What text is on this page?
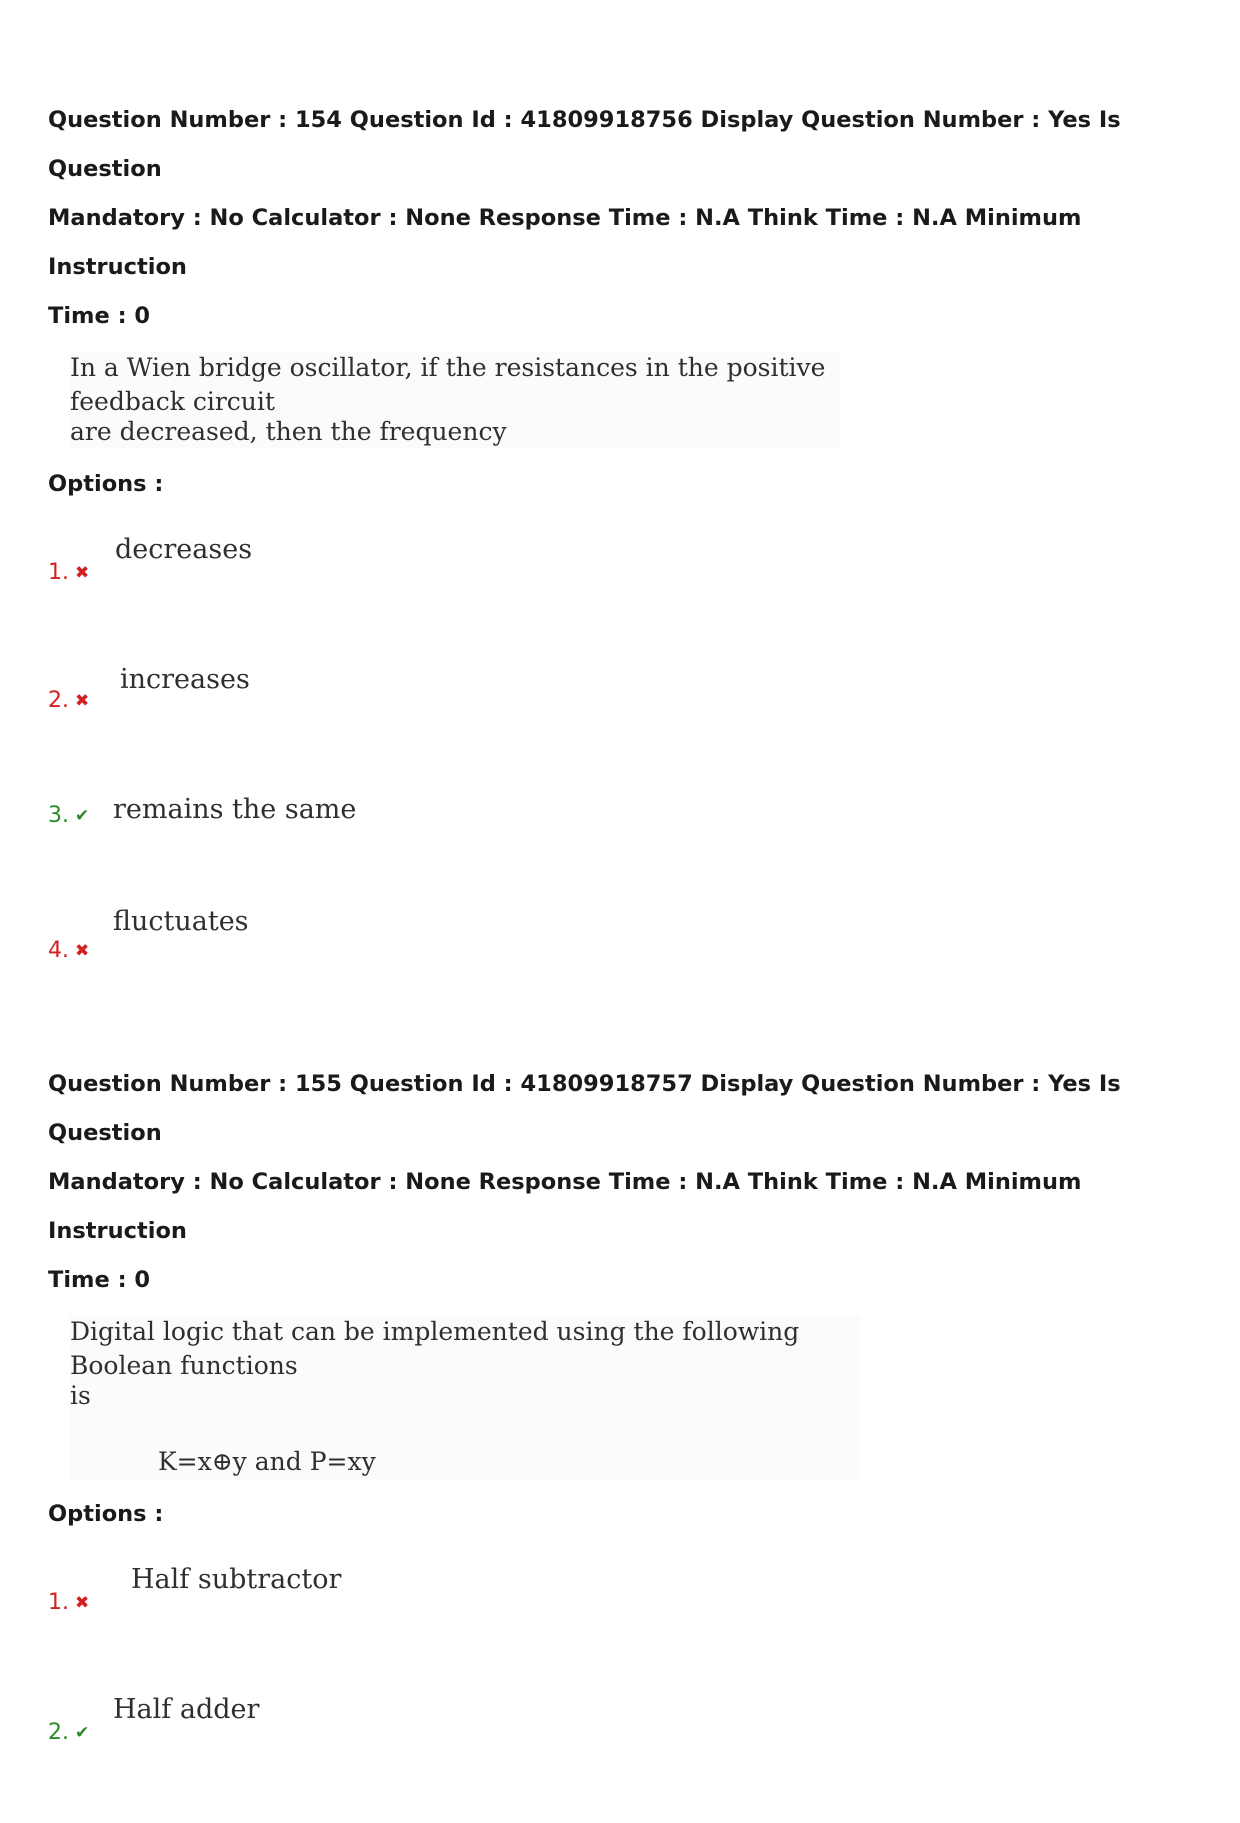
Question Number : 154 Question Id : 41809918756 Display Question Number : Yes Is Question
Mandatory : No Calculator : None Response Time : N.A Think Time : N.A Minimum Instruction
Time : 0

In a Wien bridge oscillator, if the resistances in the positive feedback circuit
are decreased, then the frequency

Options :

decreases
1. ✖
increases
2. ✖
remains the same
3. ✔
fluctuates
4. ✖

Question Number : 155 Question Id : 41809918757 Display Question Number : Yes Is Question
Mandatory : No Calculator : None Response Time : N.A Think Time : N.A Minimum Instruction
Time : 0

Digital logic that can be implemented using the following Boolean functions
is
K=x⊕y and P=xy

Options :

Half subtractor
1. ✖
Half adder
2. ✔
